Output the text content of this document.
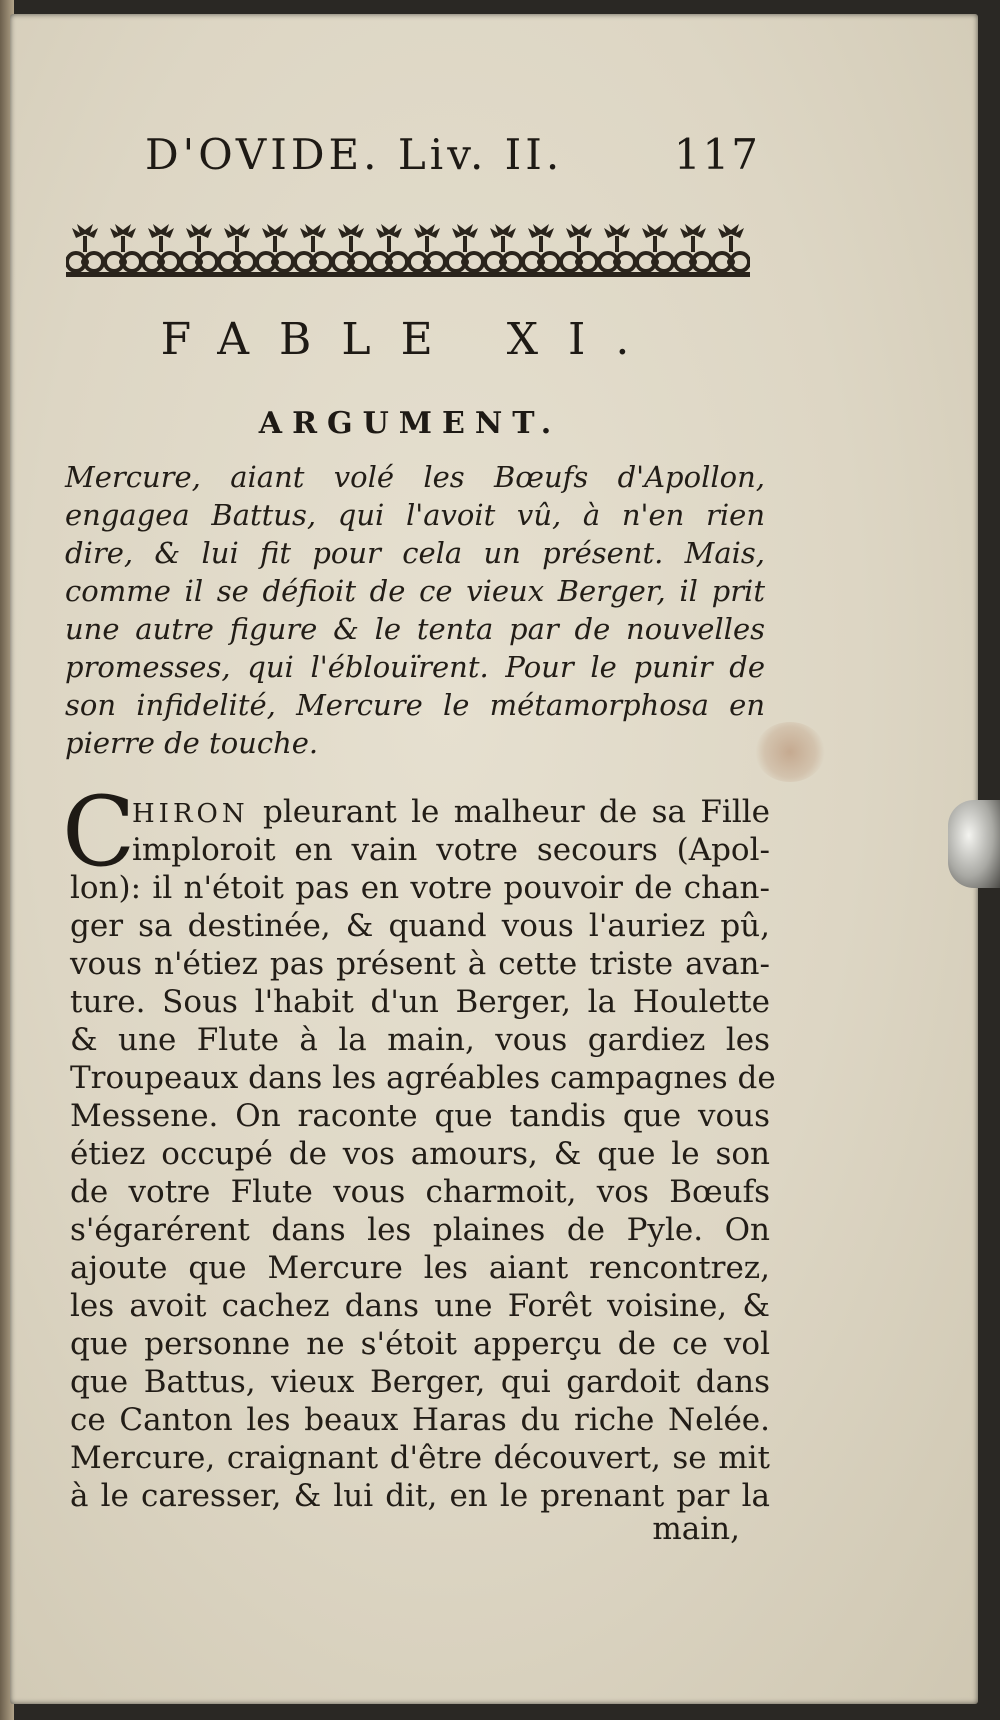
D'OVIDE. Liv. II.	117
FABLE XI.
ARGUMENT.
Mercure, aiant volé les Bœufs d'Apollon,
engagea Battus, qui l'avoit vû, à n'en rien
dire, & lui fit pour cela un présent. Mais,
comme il se défioit de ce vieux Berger, il prit
une autre figure & le tenta par de nouvelles
promesses, qui l'éblouïrent. Pour le punir de
son infidelité, Mercure le métamorphosa en
pierre de touche.
C
HIRON pleurant le malheur de sa Fille
imploroit en vain votre secours (Apol-
lon): il n'étoit pas en votre pouvoir de chan-
ger sa destinée, & quand vous l'auriez pû,
vous n'étiez pas présent à cette triste avan-
ture. Sous l'habit d'un Berger, la Houlette
& une Flute à la main, vous gardiez les
Troupeaux dans les agréables campagnes de
Messene. On raconte que tandis que vous
étiez occupé de vos amours, & que le son
de votre Flute vous charmoit, vos Bœufs
s'égarérent dans les plaines de Pyle. On
ajoute que Mercure les aiant rencontrez,
les avoit cachez dans une Forêt voisine, &
que personne ne s'étoit apperçu de ce vol
que Battus, vieux Berger, qui gardoit dans
ce Canton les beaux Haras du riche Nelée.
Mercure, craignant d'être découvert, se mit
à le caresser, & lui dit, en le prenant par la
main,
